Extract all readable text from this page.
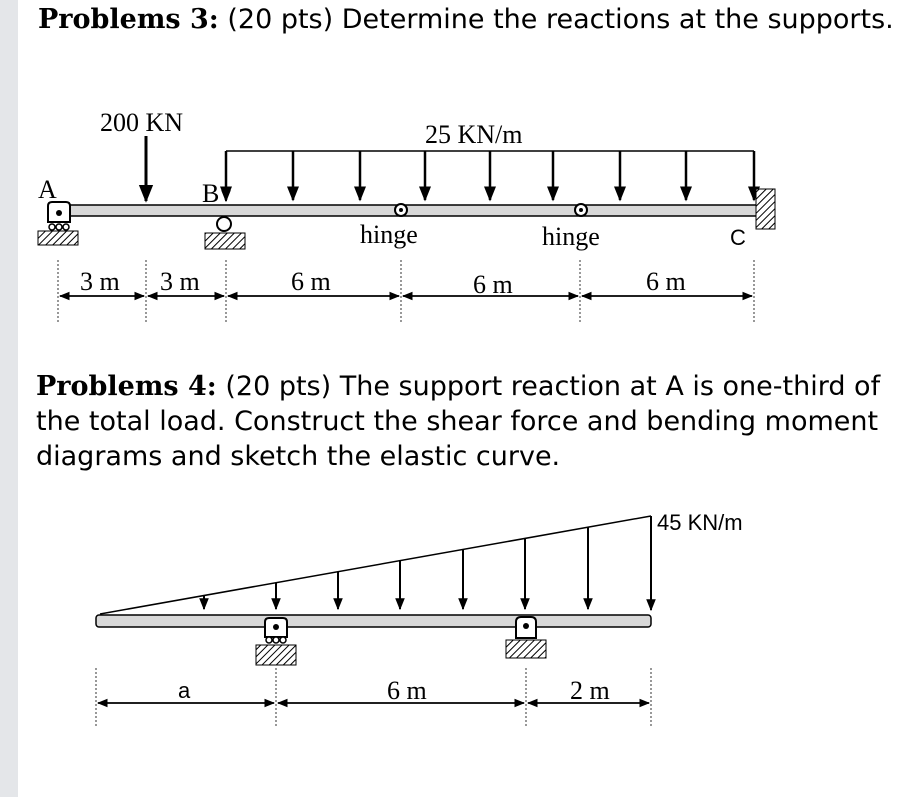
Problems 3: (20 pts) Determine the reactions at the supports.

Problems 4: (20 pts) The support reaction at A is one-third of the total load. Construct the shear force and bending moment diagrams and sketch the elastic curve.

25 KN/m
200 KN
A	B
hinge	hinge	C
3 m 3 m	6 m	6 m	6 m
45 KN/m
a	6 m	2 m
